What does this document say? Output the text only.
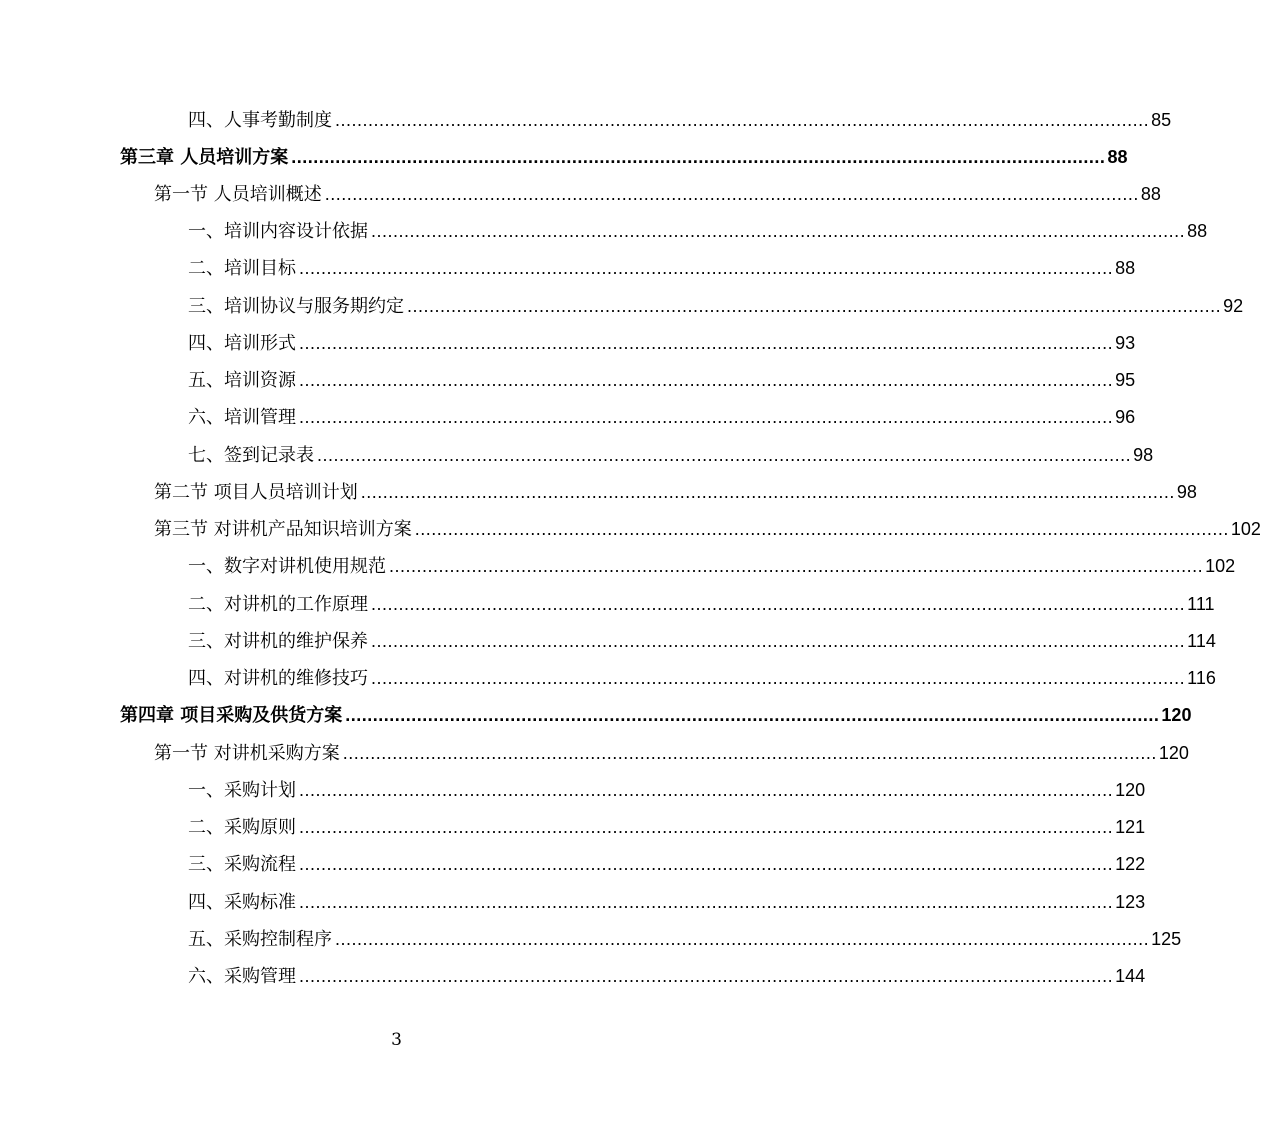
四、人事考勤制度 .................................................................................................................................................... 85
第三章 人员培训方案 .................................................................................................................................................... 88
第一节 人员培训概述 .................................................................................................................................................... 88
一、培训内容设计依据 .................................................................................................................................................... 88
二、培训目标 .................................................................................................................................................... 88
三、培训协议与服务期约定 .................................................................................................................................................... 92
四、培训形式 .................................................................................................................................................... 93
五、培训资源 .................................................................................................................................................... 95
六、培训管理 .................................................................................................................................................... 96
七、签到记录表 .................................................................................................................................................... 98
第二节 项目人员培训计划 .................................................................................................................................................... 98
第三节 对讲机产品知识培训方案 .................................................................................................................................................... 102
一、数字对讲机使用规范 .................................................................................................................................................... 102
二、对讲机的工作原理 .................................................................................................................................................... 111
三、对讲机的维护保养 .................................................................................................................................................... 114
四、对讲机的维修技巧 .................................................................................................................................................... 116
第四章 项目采购及供货方案 .................................................................................................................................................... 120
第一节 对讲机采购方案 .................................................................................................................................................... 120
一、采购计划 .................................................................................................................................................... 120
二、采购原则 .................................................................................................................................................... 121
三、采购流程 .................................................................................................................................................... 122
四、采购标准 .................................................................................................................................................... 123
五、采购控制程序 .................................................................................................................................................... 125
六、采购管理 .................................................................................................................................................... 144
3
